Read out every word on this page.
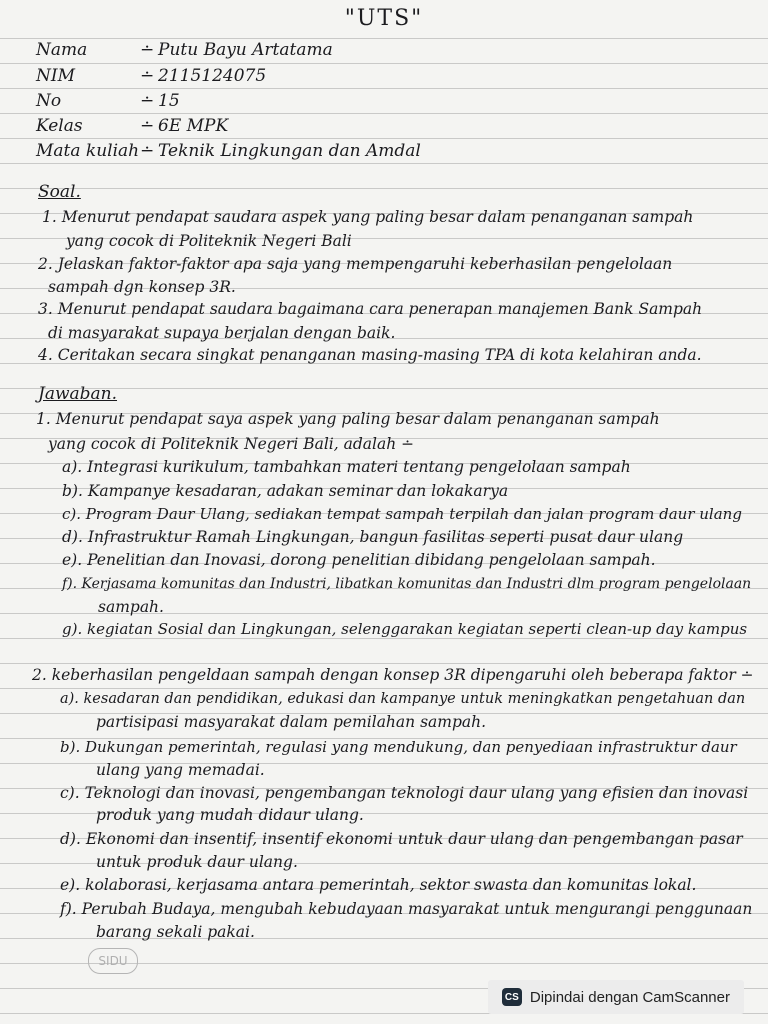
"UTS"
Nama	∸ Putu Bayu Artatama
NIM	∸ 2115124075
No	∸ 15
Kelas	∸ 6E MPK
Mata kuliah ∸ Teknik Lingkungan dan Amdal
Soal.
1. Menurut pendapat saudara aspek yang paling besar dalam penanganan sampah
yang cocok di Politeknik Negeri Bali
2. Jelaskan faktor-faktor apa saja yang mempengaruhi keberhasilan pengelolaan
sampah dgn konsep 3R.
3. Menurut pendapat saudara bagaimana cara penerapan manajemen Bank Sampah
di masyarakat supaya berjalan dengan baik.
4. Ceritakan secara singkat penanganan masing-masing TPA di kota kelahiran anda.
Jawaban.
1. Menurut pendapat saya aspek yang paling besar dalam penanganan sampah
yang cocok di Politeknik Negeri Bali, adalah ∸
a). Integrasi kurikulum, tambahkan materi tentang pengelolaan sampah
b). Kampanye kesadaran, adakan seminar dan lokakarya
c). Program Daur Ulang, sediakan tempat sampah terpilah dan jalan program daur ulang
d). Infrastruktur Ramah Lingkungan, bangun fasilitas seperti pusat daur ulang
e). Penelitian dan Inovasi, dorong penelitian dibidang pengelolaan sampah.
f). Kerjasama komunitas dan Industri, libatkan komunitas dan Industri dlm program pengelolaan
sampah.
g). kegiatan Sosial dan Lingkungan, selenggarakan kegiatan seperti clean-up day kampus
2. keberhasilan pengeldaan sampah dengan konsep 3R dipengaruhi oleh beberapa faktor ∸
a). kesadaran dan pendidikan, edukasi dan kampanye untuk meningkatkan pengetahuan dan
partisipasi masyarakat dalam pemilahan sampah.
b). Dukungan pemerintah, regulasi yang mendukung, dan penyediaan infrastruktur daur
ulang yang memadai.
c). Teknologi dan inovasi, pengembangan teknologi daur ulang yang efisien dan inovasi
produk yang mudah didaur ulang.
d). Ekonomi dan insentif, insentif ekonomi untuk daur ulang dan pengembangan pasar
untuk produk daur ulang.
e). kolaborasi, kerjasama antara pemerintah, sektor swasta dan komunitas lokal.
f). Perubah Budaya, mengubah kebudayaan masyarakat untuk mengurangi penggunaan
barang sekali pakai.
SIDU
CS Dipindai dengan CamScanner
